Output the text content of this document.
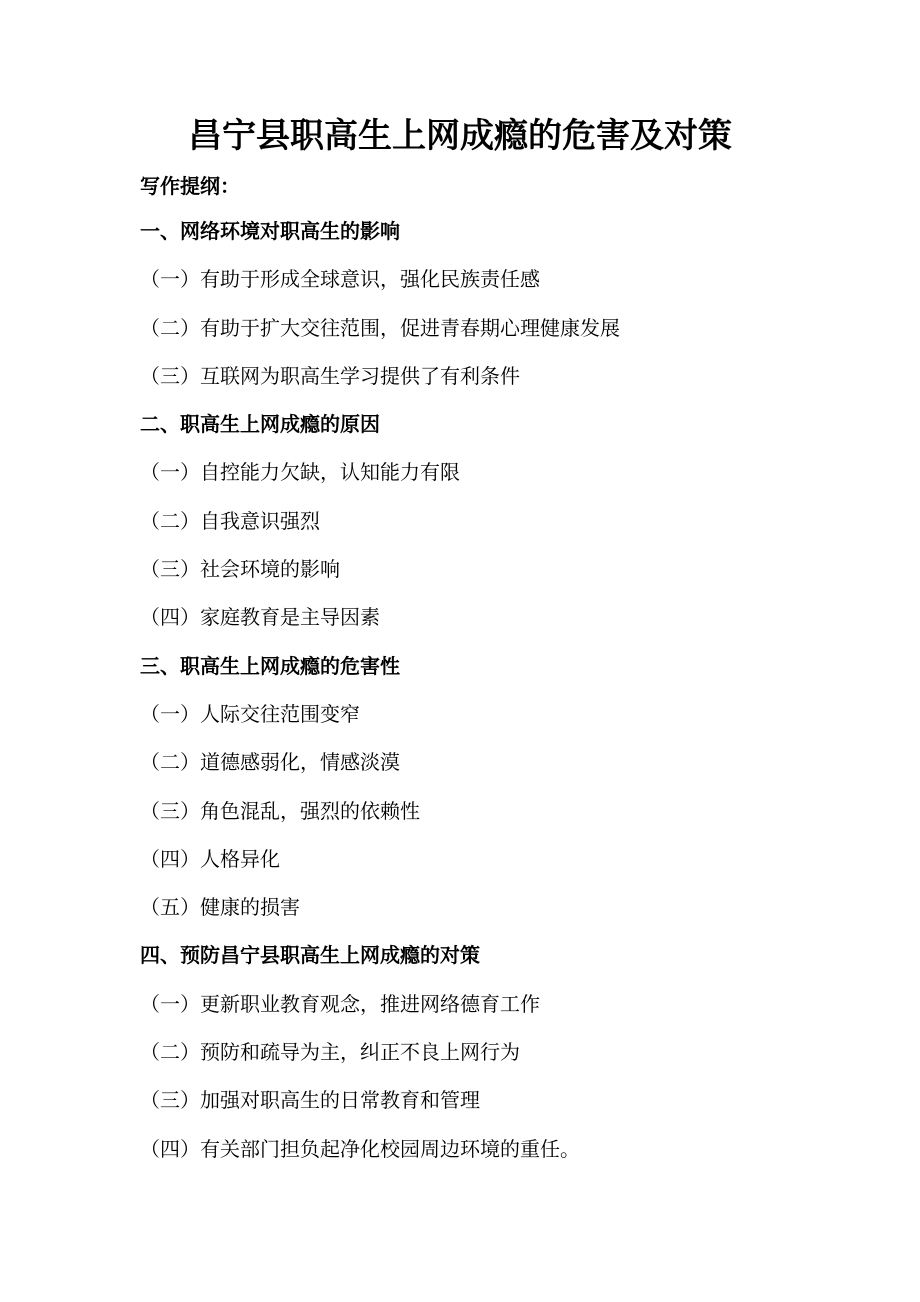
昌宁县职高生上网成瘾的危害及对策
写作提纲：
一、网络环境对职高生的影响
（一）有助于形成全球意识，强化民族责任感
（二）有助于扩大交往范围，促进青春期心理健康发展
（三）互联网为职高生学习提供了有利条件
二、职高生上网成瘾的原因
（一）自控能力欠缺，认知能力有限
（二）自我意识强烈
（三）社会环境的影响
（四）家庭教育是主导因素
三、职高生上网成瘾的危害性
（一）人际交往范围变窄
（二）道德感弱化，情感淡漠
（三）角色混乱，强烈的依赖性
（四）人格异化
（五）健康的损害
四、预防昌宁县职高生上网成瘾的对策
（一）更新职业教育观念，推进网络德育工作
（二）预防和疏导为主，纠正不良上网行为
（三）加强对职高生的日常教育和管理
（四）有关部门担负起净化校园周边环境的重任。
